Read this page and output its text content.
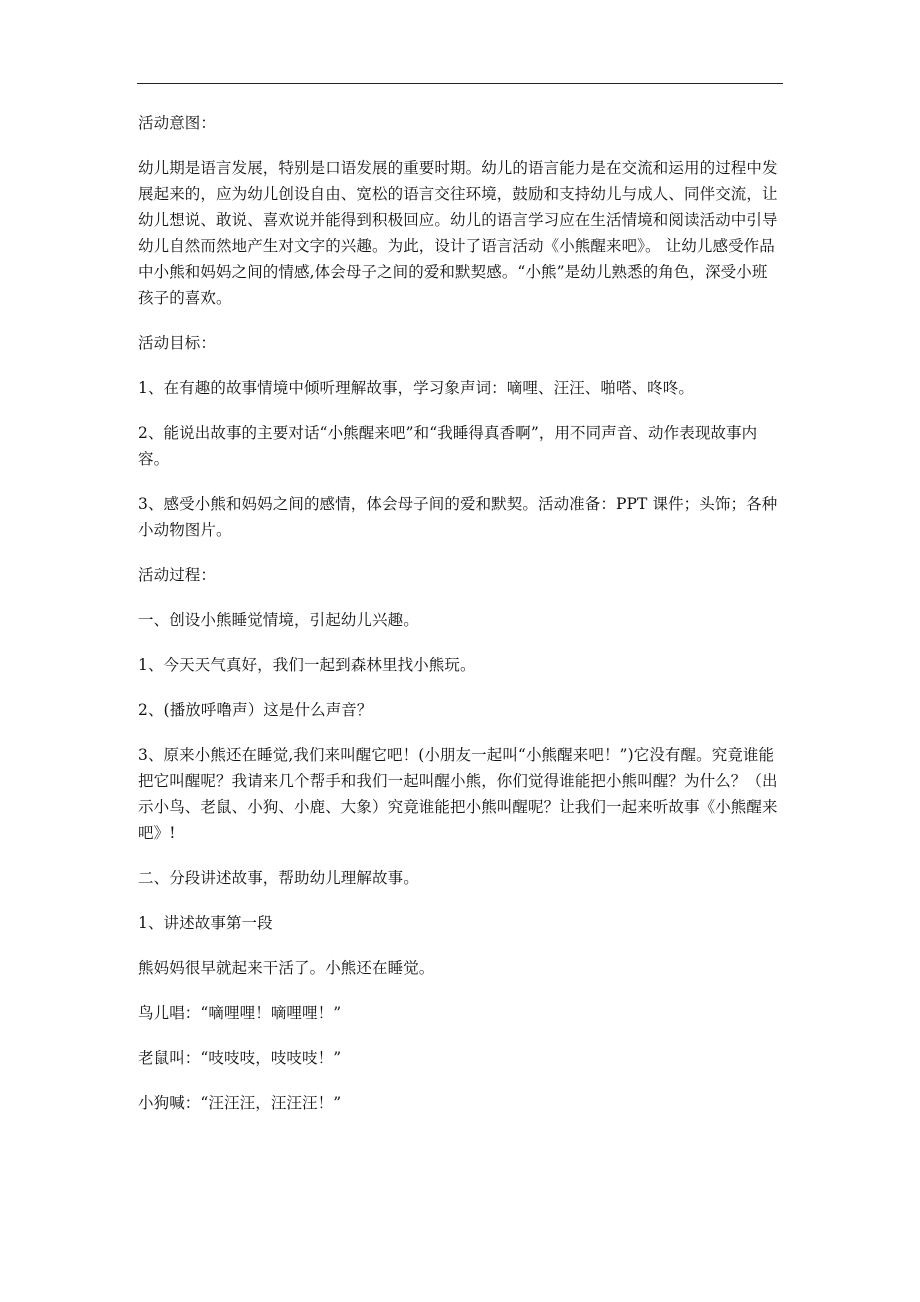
活动意图：

幼儿期是语言发展，特别是口语发展的重要时期。幼儿的语言能力是在交流和运用的过程中发展起来的，应为幼儿创设自由、宽松的语言交往环境，鼓励和支持幼儿与成人、同伴交流，让幼儿想说、敢说、喜欢说并能得到积极回应。幼儿的语言学习应在生活情境和阅读活动中引导幼儿自然而然地产生对文字的兴趣。为此，设计了语言活动《小熊醒来吧》。 让幼儿感受作品中小熊和妈妈之间的情感,体会母子之间的爱和默契感。“小熊”是幼儿熟悉的角色，深受小班孩子的喜欢。

活动目标：

1、在有趣的故事情境中倾听理解故事，学习象声词：嘀哩、汪汪、啪嗒、咚咚。

2、能说出故事的主要对话“小熊醒来吧”和“我睡得真香啊”，用不同声音、动作表现故事内容。

3、感受小熊和妈妈之间的感情，体会母子间的爱和默契。活动准备：PPT 课件；头饰；各种小动物图片。

活动过程：

一、创设小熊睡觉情境，引起幼儿兴趣。

1、今天天气真好，我们一起到森林里找小熊玩。

2、(播放呼噜声）这是什么声音？

3、原来小熊还在睡觉,我们来叫醒它吧！(小朋友一起叫“小熊醒来吧！”)它没有醒。究竟谁能把它叫醒呢？我请来几个帮手和我们一起叫醒小熊，你们觉得谁能把小熊叫醒？为什么？（出示小鸟、老鼠、小狗、小鹿、大象）究竟谁能把小熊叫醒呢？让我们一起来听故事《小熊醒来吧》!

二、分段讲述故事，帮助幼儿理解故事。

1、讲述故事第一段

熊妈妈很早就起来干活了。小熊还在睡觉。

鸟儿唱：“嘀哩哩！嘀哩哩！”

老鼠叫：“吱吱吱，吱吱吱！”

小狗喊：“汪汪汪，汪汪汪！”
